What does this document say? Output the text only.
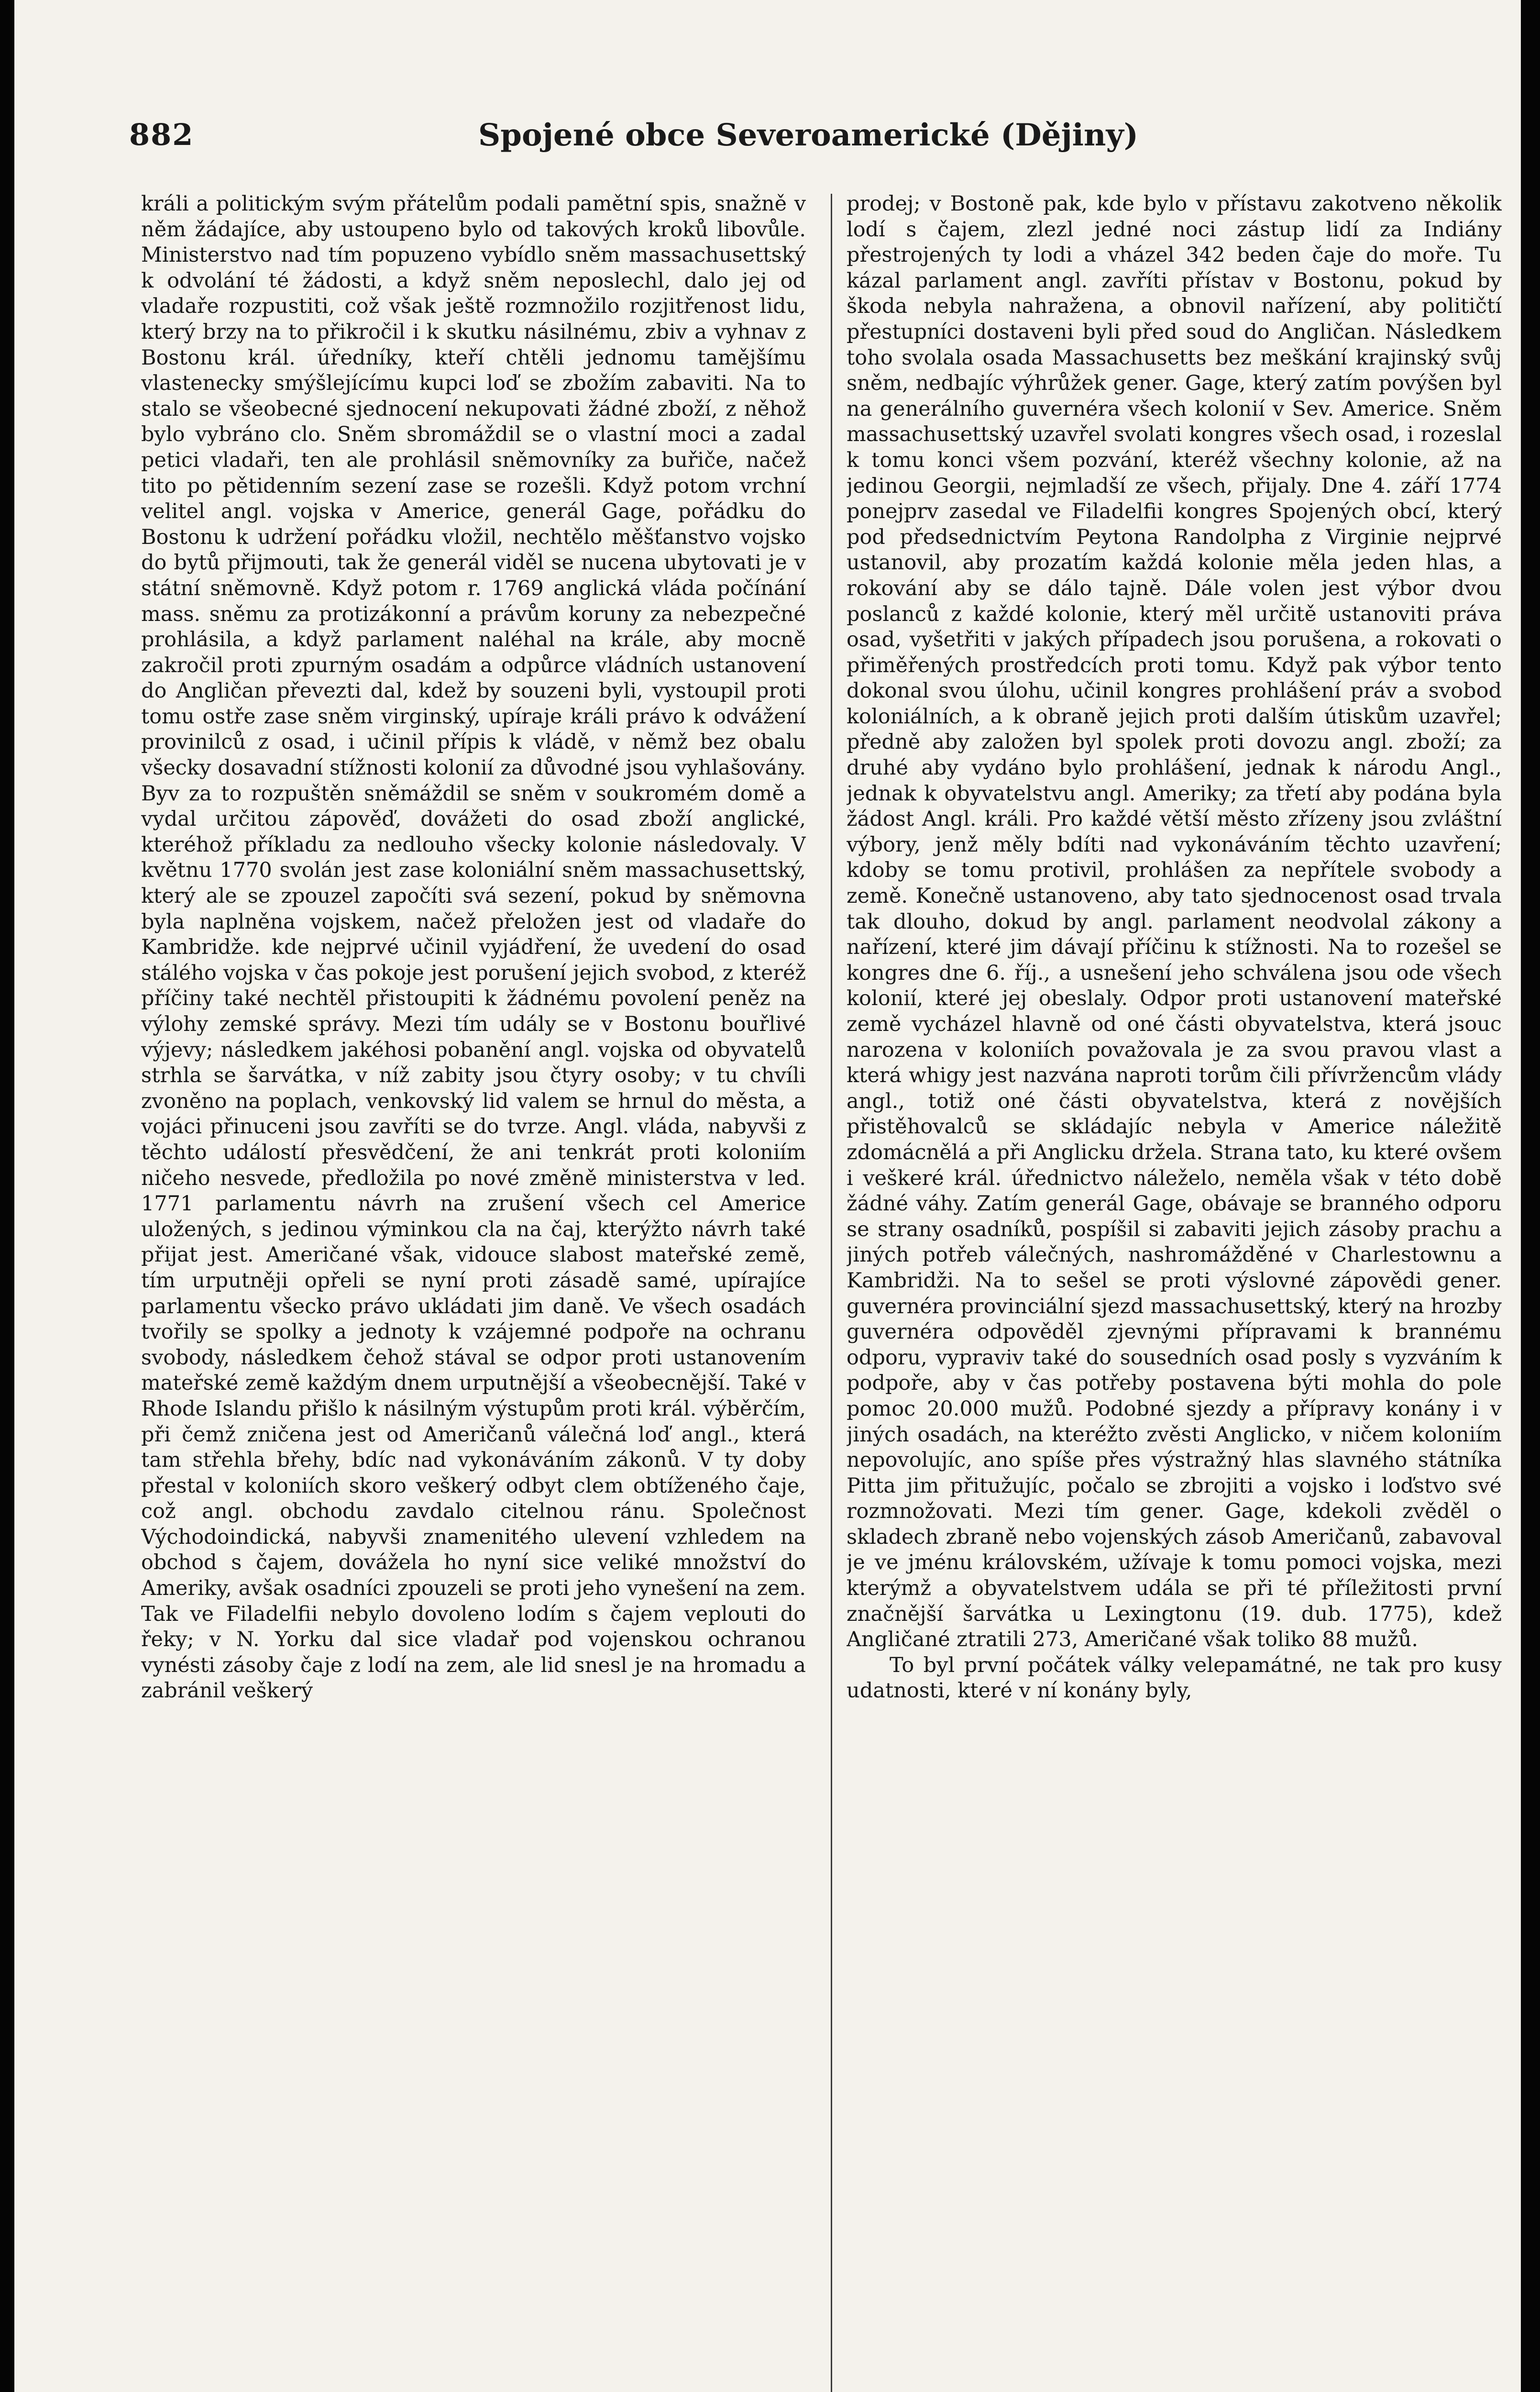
882	Spojené obce Severoamerické (Dějiny)

králi a politickým svým přátelům podali pamětní spis, snažně v něm žádajíce, aby ustoupeno bylo od takových kroků libovůle. Ministerstvo nad tím popuzeno vybídlo sněm massachusettský k odvolání té žádosti, a když sněm neposlechl, dalo jej od vladaře rozpustiti, což však ještě rozmnožilo rozjitřenost lidu, který brzy na to přikročil i k skutku násilnému, zbiv a vyhnav z Bostonu král. úředníky, kteří chtěli jednomu tamějšímu vlastenecky smýšlejícímu kupci loď se zbožím zabaviti. Na to stalo se všeobecné sjednocení nekupovati žádné zboží, z něhož bylo vybráno clo. Sněm sbromáždil se o vlastní moci a zadal petici vladaři, ten ale prohlásil sněmovníky za buřiče, načež tito po pětidenním sezení zase se rozešli. Když potom vrchní velitel angl. vojska v Americe, generál Gage, pořádku do Bostonu k udržení pořádku vložil, nechtělo měšťanstvo vojsko do bytů přijmouti, tak že generál viděl se nucena ubytovati je v státní sněmovně. Když potom r. 1769 anglická vláda počínání mass. sněmu za protizákonní a právům koruny za nebezpečné prohlásila, a když parlament naléhal na krále, aby mocně zakročil proti zpurným osadám a odpůrce vládních ustanovení do Angličan převezti dal, kdež by souzeni byli, vystoupil proti tomu ostře zase sněm virginský, upíraje králi právo k odvážení provinilců z osad, i učinil přípis k vládě, v němž bez obalu všecky dosavadní stížnosti kolonií za důvodné jsou vyhlašovány. Byv za to rozpuštěn sněmáždil se sněm v soukromém domě a vydal určitou zápověď, dovážeti do osad zboží anglické, kteréhož příkladu za nedlouho všecky kolonie následovaly. V květnu 1770 svolán jest zase koloniální sněm massachusettský, který ale se zpouzel započíti svá sezení, pokud by sněmovna byla naplněna vojskem, načež přeložen jest od vladaře do Kambridže. kde nejprvé učinil vyjádření, že uvedení do osad stálého vojska v čas pokoje jest porušení jejich svobod, z kteréž příčiny také nechtěl přistoupiti k žádnému povolení peněz na výlohy zemské správy. Mezi tím udály se v Bostonu bouřlivé výjevy; následkem jakéhosi pobanění angl. vojska od obyvatelů strhla se šarvátka, v níž zabity jsou čtyry osoby; v tu chvíli zvoněno na poplach, venkovský lid valem se hrnul do města, a vojáci přinuceni jsou zavříti se do tvrze. Angl. vláda, nabyvši z těchto událostí přesvědčení, že ani tenkrát proti koloniím ničeho nesvede, předložila po nové změně ministerstva v led. 1771 parlamentu návrh na zrušení všech cel Americe uložených, s jedinou výminkou cla na čaj, kterýžto návrh také přijat jest. Američané však, vidouce slabost mateřské země, tím urputněji opřeli se nyní proti zásadě samé, upírajíce parlamentu všecko právo ukládati jim daně. Ve všech osadách tvořily se spolky a jednoty k vzájemné podpoře na ochranu svobody, následkem čehož stával se odpor proti ustanovením mateřské země každým dnem urputnější a všeobecnější. Také v Rhode Islandu přišlo k násilným výstupům proti král. výběrčím, při čemž zničena jest od Američanů válečná loď angl., která tam střehla břehy, bdíc nad vykonáváním zákonů. V ty doby přestal v koloniích skoro veškerý odbyt clem obtíženého čaje, což angl. obchodu zavdalo citelnou ránu. Společnost Východoindická, nabyvši znamenitého ulevení vzhledem na obchod s čajem, dovážela ho nyní sice veliké množství do Ameriky, avšak osadníci zpouzeli se proti jeho vynešení na zem. Tak ve Filadelfii nebylo dovoleno lodím s čajem veplouti do řeky; v N. Yorku dal sice vladař pod vojenskou ochranou vynésti zásoby čaje z lodí na zem, ale lid snesl je na hromadu a zabránil veškerý

prodej; v Bostoně pak, kde bylo v přístavu zakotveno několik lodí s čajem, zlezl jedné noci zástup lidí za Indiány přestrojených ty lodi a vházel 342 beden čaje do moře. Tu kázal parlament angl. zavříti přístav v Bostonu, pokud by škoda nebyla nahražena, a obnovil nařízení, aby političtí přestupníci dostaveni byli před soud do Angličan. Následkem toho svolala osada Massachusetts bez meškání krajinský svůj sněm, nedbajíc výhrůžek gener. Gage, který zatím povýšen byl na generálního guvernéra všech kolonií v Sev. Americe. Sněm massachusettský uzavřel svolati kongres všech osad, i rozeslal k tomu konci všem pozvání, kteréž všechny kolonie, až na jedinou Georgii, nejmladší ze všech, přijaly. Dne 4. září 1774 ponejprv zasedal ve Filadelfii kongres Spojených obcí, který pod předsednictvím Peytona Randolpha z Virginie nejprvé ustanovil, aby prozatím každá kolonie měla jeden hlas, a rokování aby se dálo tajně. Dále volen jest výbor dvou poslanců z každé kolonie, který měl určitě ustanoviti práva osad, vyšetřiti v jakých případech jsou porušena, a rokovati o přiměřených prostředcích proti tomu. Když pak výbor tento dokonal svou úlohu, učinil kongres prohlášení práv a svobod koloniálních, a k obraně jejich proti dalším útiskům uzavřel; předně aby založen byl spolek proti dovozu angl. zboží; za druhé aby vydáno bylo prohlášení, jednak k národu Angl., jednak k obyvatelstvu angl. Ameriky; za třetí aby podána byla žádost Angl. králi. Pro každé větší město zřízeny jsou zvláštní výbory, jenž měly bdíti nad vykonáváním těchto uzavření; kdoby se tomu protivil, prohlášen za nepřítele svobody a země. Konečně ustanoveno, aby tato sjednocenost osad trvala tak dlouho, dokud by angl. parlament neodvolal zákony a nařízení, které jim dávají příčinu k stížnosti. Na to rozešel se kongres dne 6. říj., a usnešení jeho schválena jsou ode všech kolonií, které jej obeslaly. Odpor proti ustanovení mateřské země vycházel hlavně od oné části obyvatelstva, která jsouc narozena v koloniích považovala je za svou pravou vlast a která whigy jest nazvána naproti torům čili přívržencům vlády angl., totiž oné části obyvatelstva, která z novějších přistěhovalců se skládajíc nebyla v Americe náležitě zdomácnělá a při Anglicku držela. Strana tato, ku které ovšem i veškeré král. úřednictvo náleželo, neměla však v této době žádné váhy. Zatím generál Gage, obávaje se branného odporu se strany osadníků, pospíšil si zabaviti jejich zásoby prachu a jiných potřeb válečných, nashromážděné v Charlestownu a Kambridži. Na to sešel se proti výslovné zápovědi gener. guvernéra provinciální sjezd massachusettský, který na hrozby guvernéra odpověděl zjevnými přípravami k brannému odporu, vypraviv také do sousedních osad posly s vyzváním k podpoře, aby v čas potřeby postavena býti mohla do pole pomoc 20.000 mužů. Podobné sjezdy a přípravy konány i v jiných osadách, na kteréžto zvěsti Anglicko, v ničem koloniím nepovolujíc, ano spíše přes výstražný hlas slavného státníka Pitta jim přitužujíc, počalo se zbrojiti a vojsko i loďstvo své rozmnožovati. Mezi tím gener. Gage, kdekoli zvěděl o skladech zbraně nebo vojenských zásob Američanů, zabavoval je ve jménu královském, užívaje k tomu pomoci vojska, mezi kterýmž a obyvatelstvem udála se při té příležitosti první značnější šarvátka u Lexingtonu (19. dub. 1775), kdež Angličané ztratili 273, Američané však toliko 88 mužů.

To byl první počátek války velepamátné, ne tak pro kusy udatnosti, které v ní konány byly,
